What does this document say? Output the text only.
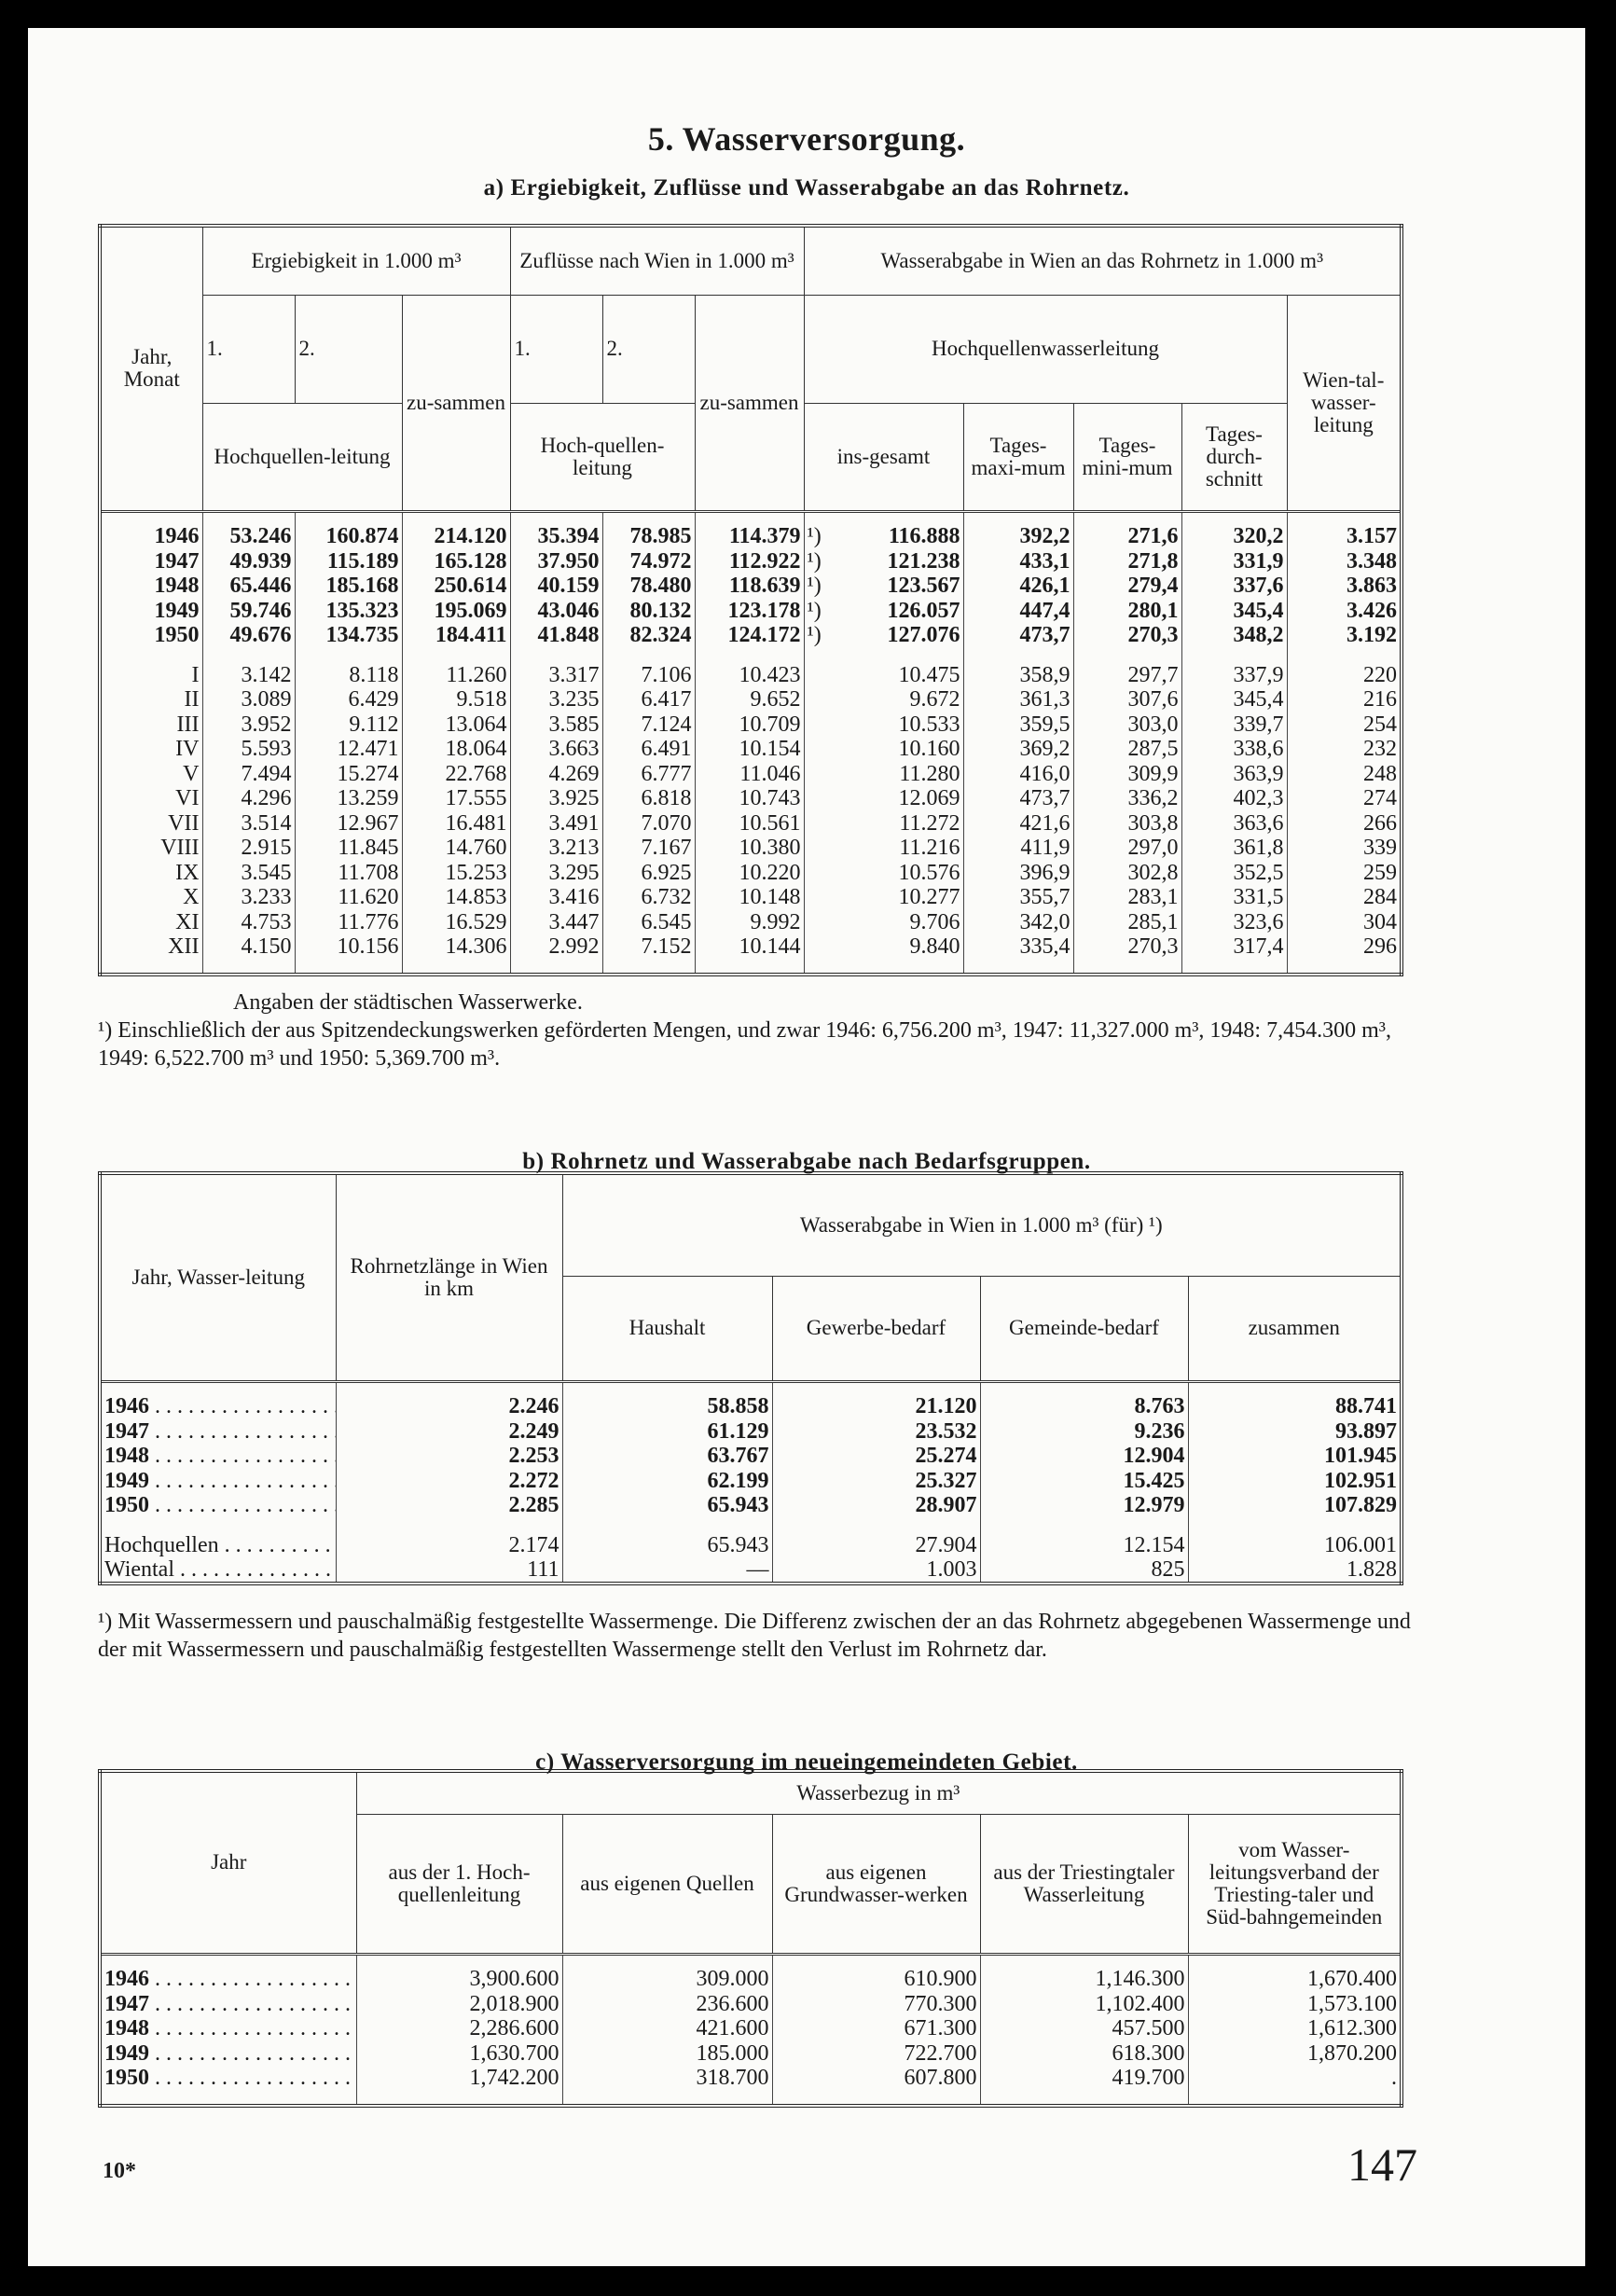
5. Wasserversorgung.
a) Ergiebigkeit, Zuflüsse und Wasserabgabe an das Rohrnetz.
Jahr, Monat	Ergiebigkeit in 1.000 m³			Zuflüsse nach Wien in 1.000 m³			Wasserabgabe in Wien an das Rohrnetz in 1.000 m³				
	1.	2.	zu-sammen	1.	2.	zu-sammen	Hochquellenwasserleitung				Wien-tal-wasser-leitung
	Hochquellen-leitung			Hoch-quellen-leitung			ins-gesamt	Tages-maxi-mum	Tages-mini-mum	Tages-durch-schnitt	

1946	53.246	160.874	214.120	35.394	78.985	114.379	¹) 116.888	392,2	271,6	320,2	3.157
1947	49.939	115.189	165.128	37.950	74.972	112.922	¹) 121.238	433,1	271,8	331,9	3.348
1948	65.446	185.168	250.614	40.159	78.480	118.639	¹) 123.567	426,1	279,4	337,6	3.863
1949	59.746	135.323	195.069	43.046	80.132	123.178	¹) 126.057	447,4	280,1	345,4	3.426
1950	49.676	134.735	184.411	41.848	82.324	124.172	¹) 127.076	473,7	270,3	348,2	3.192

I	3.142	8.118	11.260	3.317	7.106	10.423	10.475	358,9	297,7	337,9	220
II	3.089	6.429	9.518	3.235	6.417	9.652	9.672	361,3	307,6	345,4	216
III	3.952	9.112	13.064	3.585	7.124	10.709	10.533	359,5	303,0	339,7	254
IV	5.593	12.471	18.064	3.663	6.491	10.154	10.160	369,2	287,5	338,6	232
V	7.494	15.274	22.768	4.269	6.777	11.046	11.280	416,0	309,9	363,9	248
VI	4.296	13.259	17.555	3.925	6.818	10.743	12.069	473,7	336,2	402,3	274
VII	3.514	12.967	16.481	3.491	7.070	10.561	11.272	421,6	303,8	363,6	266
VIII	2.915	11.845	14.760	3.213	7.167	10.380	11.216	411,9	297,0	361,8	339
IX	3.545	11.708	15.253	3.295	6.925	10.220	10.576	396,9	302,8	352,5	259
X	3.233	11.620	14.853	3.416	6.732	10.148	10.277	355,7	283,1	331,5	284
XI	4.753	11.776	16.529	3.447	6.545	9.992	9.706	342,0	285,1	323,6	304
XII	4.150	10.156	14.306	2.992	7.152	10.144	9.840	335,4	270,3	317,4	296

Angaben der städtischen Wasserwerke.
¹) Einschließlich der aus Spitzendeckungswerken geförderten Mengen, und zwar 1946: 6,756.200 m³, 1947: 11,327.000 m³, 1948: 7,454.300 m³, 1949: 6,522.700 m³ und 1950: 5,369.700 m³.
b) Rohrnetz und Wasserabgabe nach Bedarfsgruppen.
Jahr, Wasser-leitung	Rohrnetzlänge in Wien in km	Wasserabgabe in Wien in 1.000 m³ (für) ¹)			
		Haushalt	Gewerbe-bedarf	Gemeinde-bedarf	zusammen

1946 . . .	2.246	58.858	21.120	8.763	88.741
1947 . . .	2.249	61.129	23.532	9.236	93.897
1948 . . .	2.253	63.767	25.274	12.904	101.945
1949 . . .	2.272	62.199	25.327	15.425	102.951
1950 . . .	2.285	65.943	28.907	12.979	107.829

Hochquellen . . .	2.174	65.943	27.904	12.154	106.001
Wiental . . .	111	—	1.003	825	1.828
¹) Mit Wassermessern und pauschalmäßig festgestellte Wassermenge. Die Differenz zwischen der an das Rohrnetz abgegebenen Wassermenge und der mit Wassermessern und pauschalmäßig festgestellten Wassermenge stellt den Verlust im Rohrnetz dar.
c) Wasserversorgung im neueingemeindeten Gebiet.
Jahr	Wasserbezug in m³				
	aus der 1. Hoch-quellenleitung	aus eigenen Quellen	aus eigenen Grundwasser-werken	aus der Triestingtaler Wasserleitung	vom Wasser-leitungsverband der Triesting-taler und Süd-bahngemeinden

1946 . . .	3,900.600	309.000	610.900	1,146.300	1,670.400
1947 . . .	2,018.900	236.600	770.300	1,102.400	1,573.100
1948 . . .	2,286.600	421.600	671.300	457.500	1,612.300
1949 . . .	1,630.700	185.000	722.700	618.300	1,870.200
1950 . . .	1,742.200	318.700	607.800	419.700	.

10*	147
